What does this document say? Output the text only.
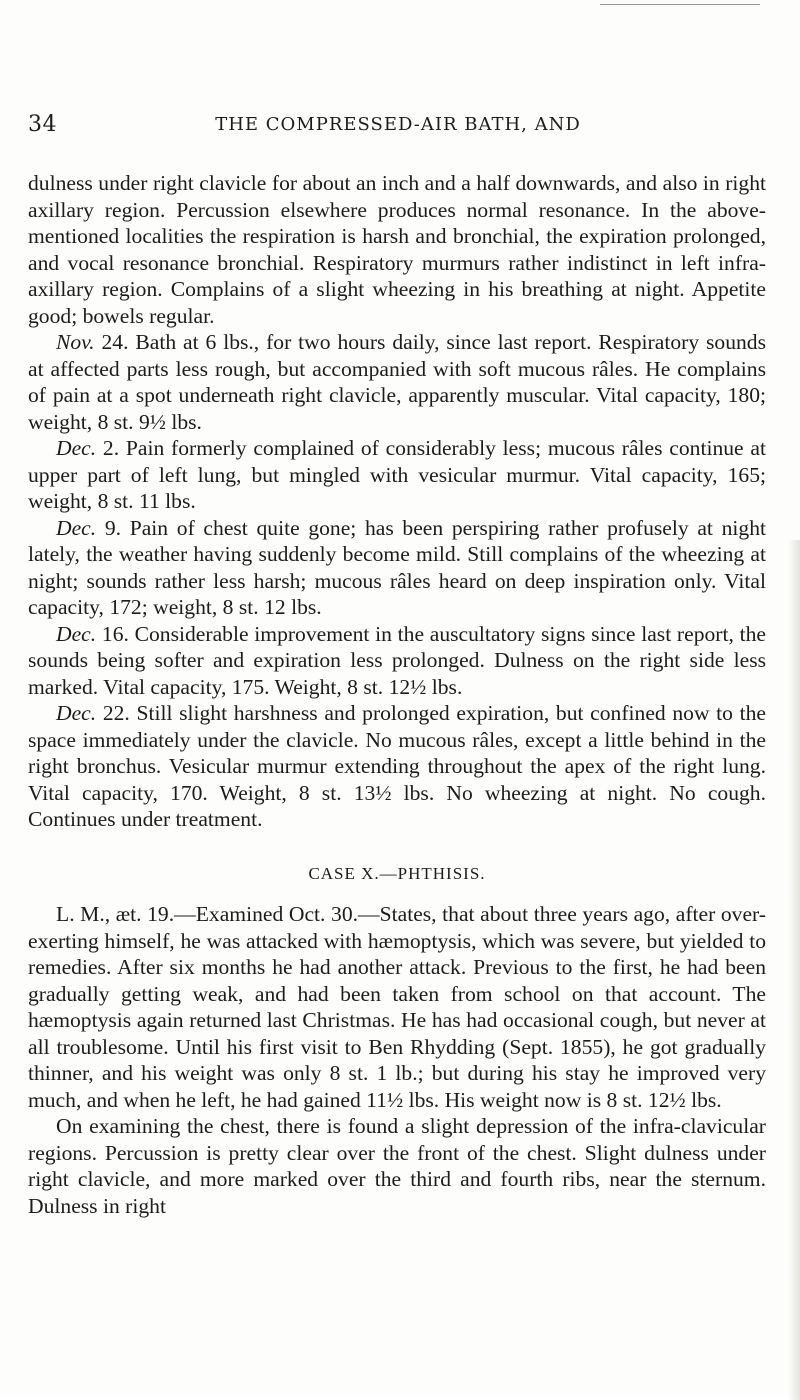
34	THE COMPRESSED-AIR BATH, AND

dulness under right clavicle for about an inch and a half downwards, and also in right axillary region. Percussion elsewhere produces normal resonance. In the above-mentioned localities the respiration is harsh and bronchial, the expiration prolonged, and vocal resonance bronchial. Respiratory murmurs rather indistinct in left infra-axillary region. Complains of a slight wheezing in his breathing at night. Appetite good; bowels regular.

Nov. 24. Bath at 6 lbs., for two hours daily, since last report. Respiratory sounds at affected parts less rough, but accompanied with soft mucous râles. He complains of pain at a spot underneath right clavicle, apparently muscular. Vital capacity, 180; weight, 8 st. 9½ lbs.

Dec. 2. Pain formerly complained of considerably less; mucous râles continue at upper part of left lung, but mingled with vesicular murmur. Vital capacity, 165; weight, 8 st. 11 lbs.

Dec. 9. Pain of chest quite gone; has been perspiring rather profusely at night lately, the weather having suddenly become mild. Still complains of the wheezing at night; sounds rather less harsh; mucous râles heard on deep inspiration only. Vital capacity, 172; weight, 8 st. 12 lbs.

Dec. 16. Considerable improvement in the auscultatory signs since last report, the sounds being softer and expiration less prolonged. Dulness on the right side less marked. Vital capacity, 175. Weight, 8 st. 12½ lbs.

Dec. 22. Still slight harshness and prolonged expiration, but confined now to the space immediately under the clavicle. No mucous râles, except a little behind in the right bronchus. Vesicular murmur extending throughout the apex of the right lung. Vital capacity, 170. Weight, 8 st. 13½ lbs. No wheezing at night. No cough. Continues under treatment.

CASE X.—PHTHISIS.

L. M., æt. 19.—Examined Oct. 30.—States, that about three years ago, after over-exerting himself, he was attacked with hæmoptysis, which was severe, but yielded to remedies. After six months he had another attack. Previous to the first, he had been gradually getting weak, and had been taken from school on that account. The hæmoptysis again returned last Christmas. He has had occasional cough, but never at all troublesome. Until his first visit to Ben Rhydding (Sept. 1855), he got gradually thinner, and his weight was only 8 st. 1 lb.; but during his stay he improved very much, and when he left, he had gained 11½ lbs. His weight now is 8 st. 12½ lbs.

On examining the chest, there is found a slight depression of the infra-clavicular regions. Percussion is pretty clear over the front of the chest. Slight dulness under right clavicle, and more marked over the third and fourth ribs, near the sternum. Dulness in right
